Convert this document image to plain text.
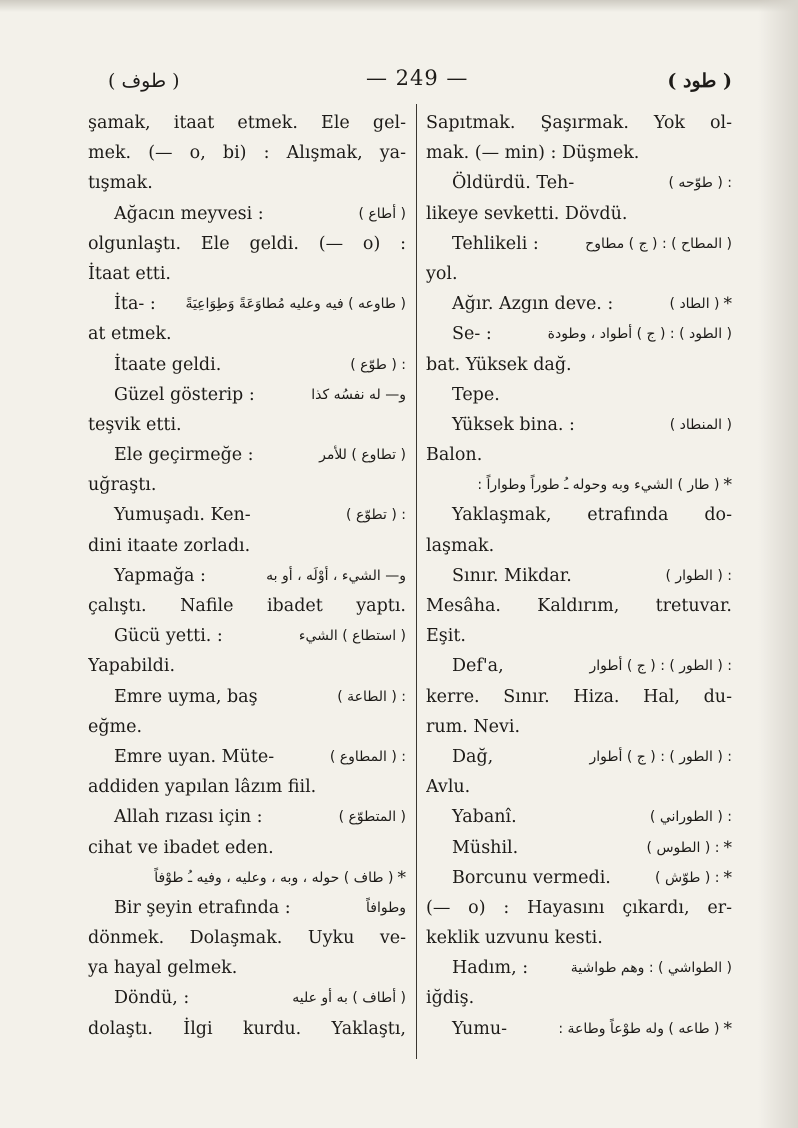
( طوف )	— 249 —	( طود )
şamak, itaat etmek. Ele gel-
mek. (— o, bi) : Alışmak, ya-
tışmak.
Ağacın meyvesi :	( أطاع )
olgunlaştı. Ele geldi. (— o) :
İtaat etti.
İta- :	( طاوعه ) فيه وعليه مُطاوَعَةً وَطِوَاعِيَةً
at etmek.
İtaate geldi.	: ( طوّع )
Güzel gösterip :	و— له نفسُه كذا
teşvik etti.
Ele geçirmeğe :	( تطاوع ) للأمر
uğraştı.
Yumuşadı. Ken-	: ( تطوّع )
dini itaate zorladı.
Yapmağa :	و— الشيء ، أوْلَه ، أو به
çalıştı. Nafile ibadet yaptı.
Gücü yetti. :	( استطاع ) الشيء
Yapabildi.
Emre uyma, baş	: ( الطاعة )
eğme.
Emre uyan. Müte-	: ( المطاوع )
addiden yapılan lâzım fiil.
Allah rızası için :	( المتطوّع )
cihat ve ibadet eden.
( طاف ) حوله ، وبه ، وعليه ، وفيه ـُ طوْفاً *
Bir şeyin etrafında :	وطوافاً
dönmek. Dolaşmak. Uyku ve-
ya hayal gelmek.
Döndü, :	( أطاف ) به أو عليه
dolaştı. İlgi kurdu. Yaklaştı,
Sapıtmak. Şaşırmak. Yok ol-
mak. (— min) : Düşmek.
Öldürdü. Teh-	: ( طوّحه )
likeye sevketti. Dövdü.
Tehlikeli :	( المطاح ) : ( ج ) مطاوح
yol.
Ağır. Azgın deve. :	( الطاد ) *
Se- :	( الطود ) : ( ج ) أطواد ، وطودة
bat. Yüksek dağ.
Tepe.
Yüksek bina. :	( المنطاد )
Balon.
( طار ) الشيء وبه وحوله ـُ طوراً وطواراً : *
Yaklaşmak, etrafında do-
laşmak.
Sınır. Mikdar.	: ( الطوار )
Mesâha. Kaldırım, tretuvar.
Eşit.
Def'a,	: ( الطور ) : ( ج ) أطوار
kerre. Sınır. Hiza. Hal, du-
rum. Nevi.
Dağ,	: ( الطور ) : ( ج ) أطوار
Avlu.
Yabanî.	: ( الطوراني )
Müshil.	: ( الطوس ) *
Borcunu vermedi.	: ( طوّش ) *
(— o) : Hayasını çıkardı, er-
keklik uzvunu kesti.
Hadım, :	( الطواشي ) : وهم طواشية
iğdiş.
Yumu-	( طاعه ) وله طوْعاً وطاعة : *
